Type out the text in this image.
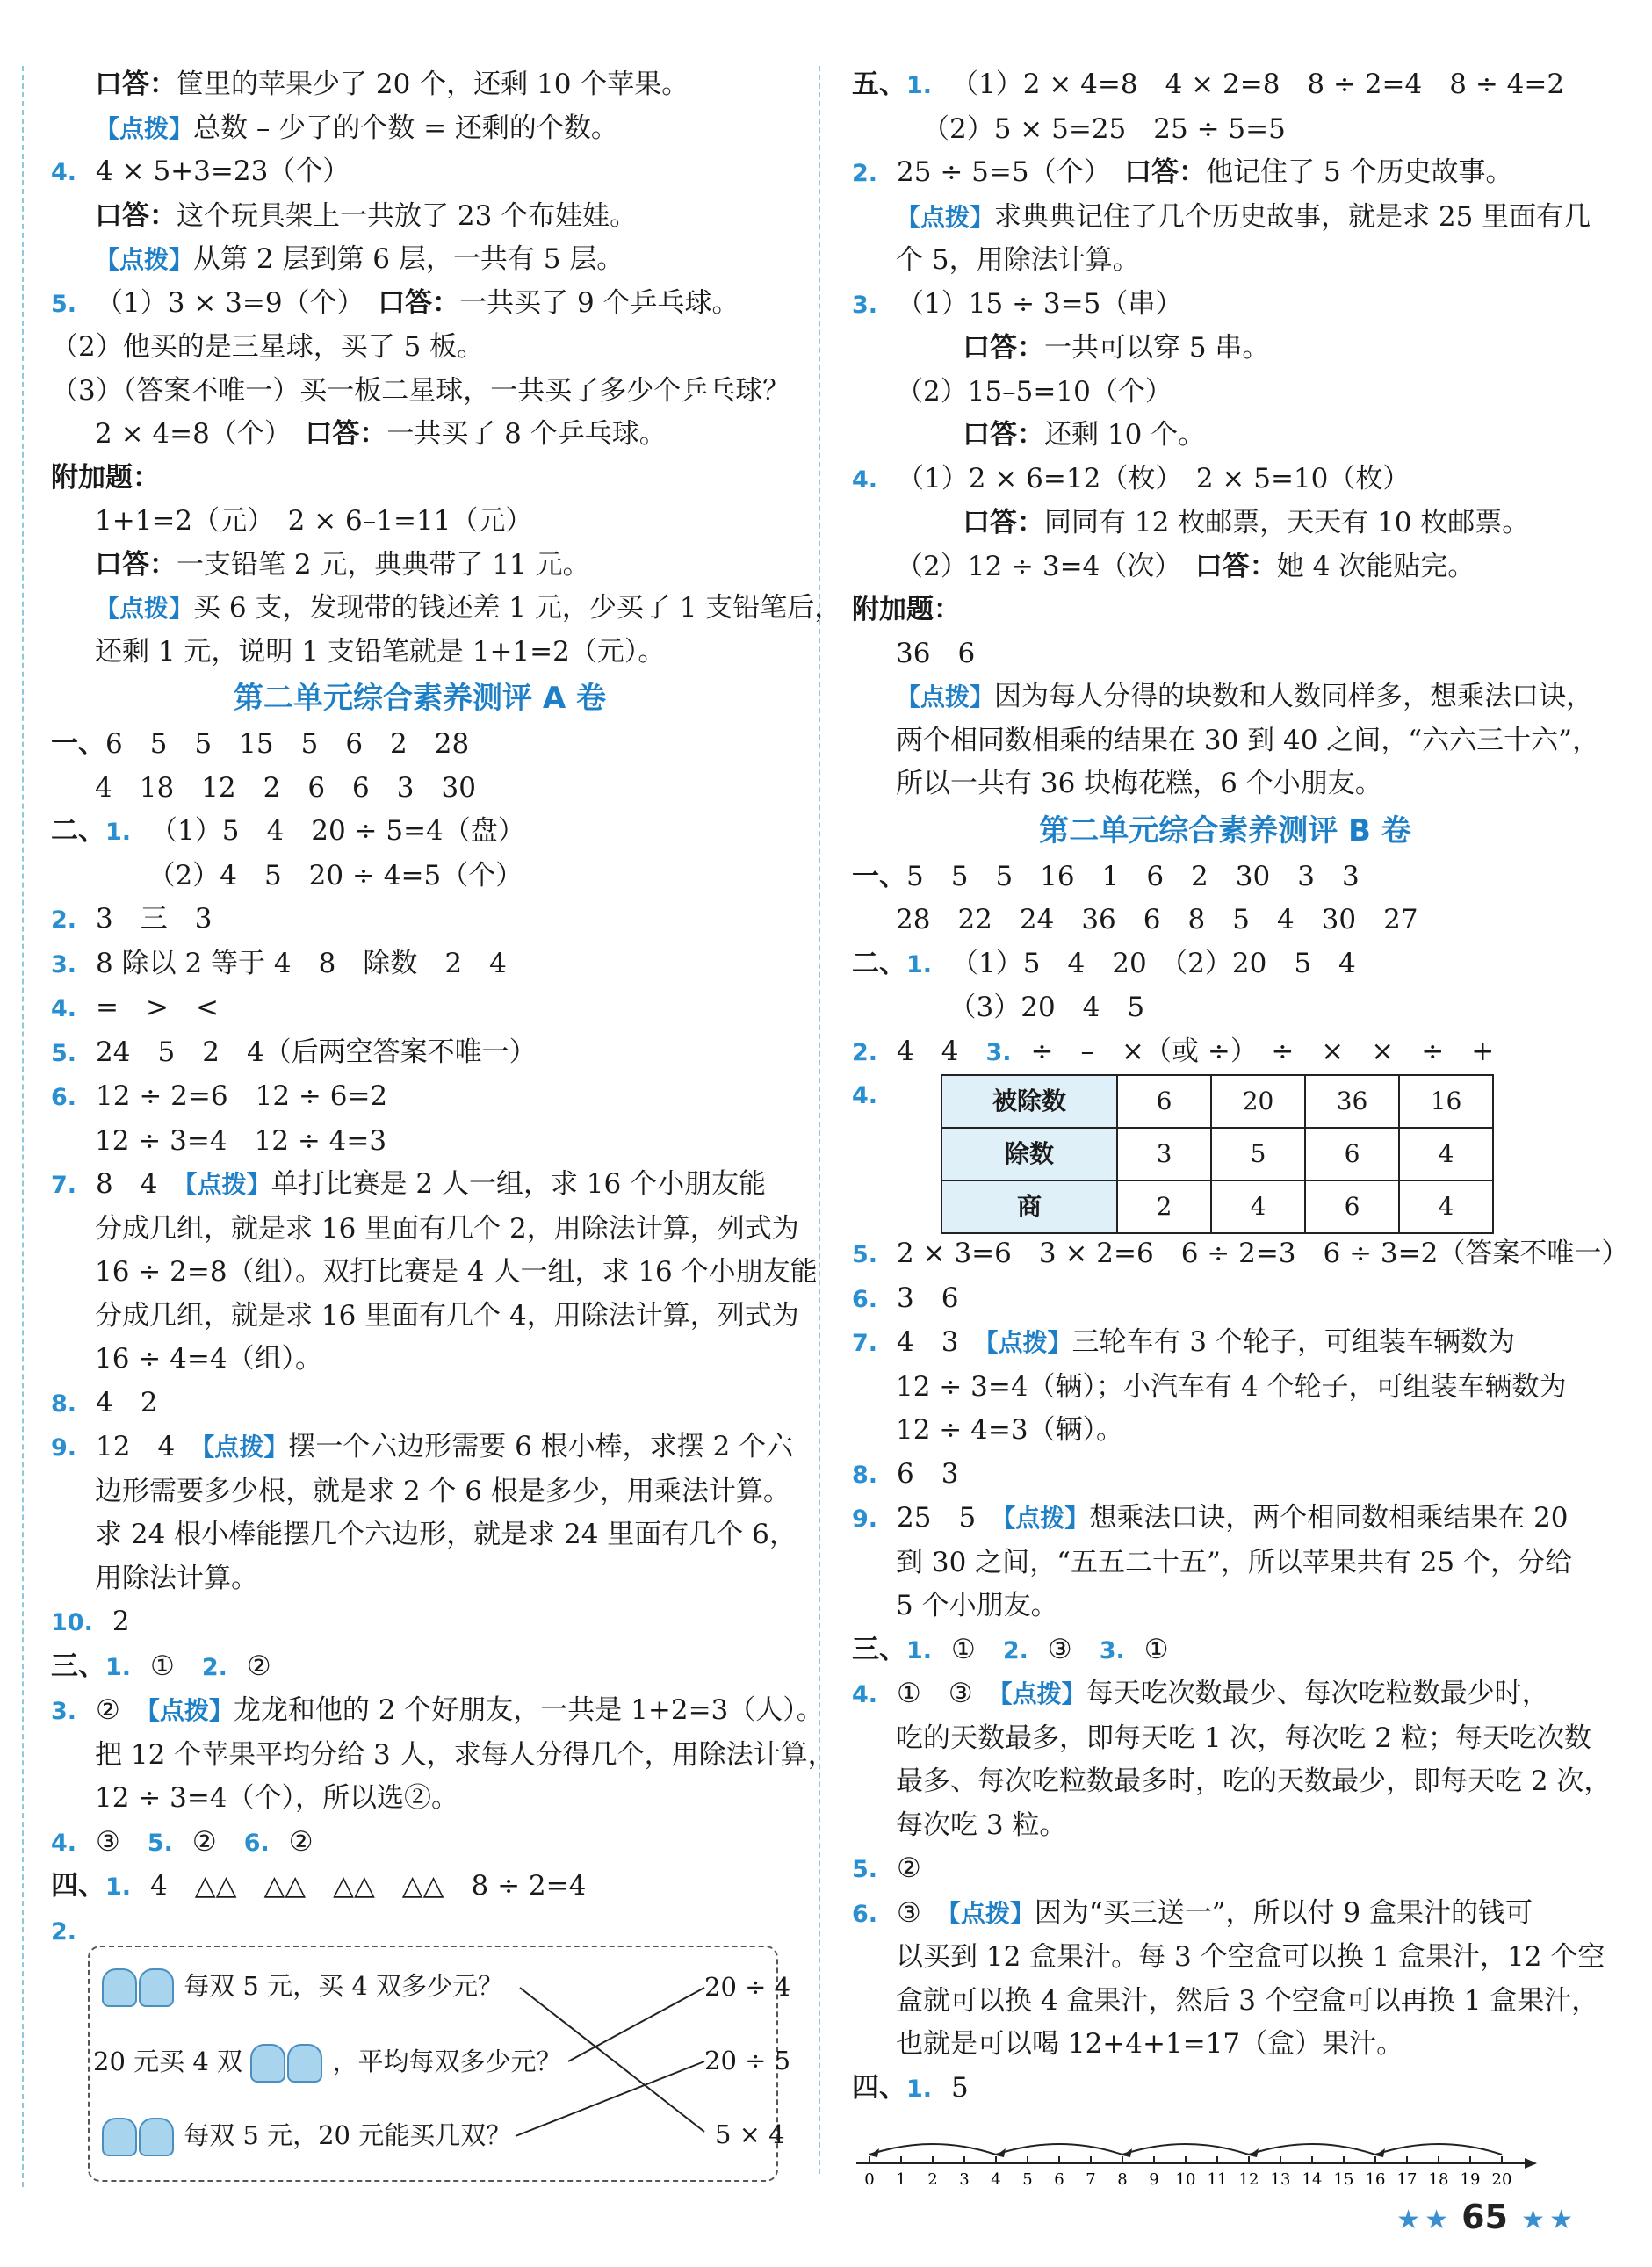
口答：筐里的苹果少了 20 个，还剩 10 个苹果。
【点拨】总数 – 少了的个数 = 还剩的个数。
4. 4 × 5+3=23（个）
口答：这个玩具架上一共放了 23 个布娃娃。
【点拨】从第 2 层到第 6 层，一共有 5 层。
5. （1）3 × 3=9（个）　口答：一共买了 9 个乒乓球。
（2）他买的是三星球，买了 5 板。
（3）（答案不唯一）买一板二星球，一共买了多少个乒乓球？
2 × 4=8（个）　口答：一共买了 8 个乒乓球。
附加题：
1+1=2（元）　2 × 6–1=11（元）
口答：一支铅笔 2 元，典典带了 11 元。
【点拨】买 6 支，发现带的钱还差 1 元，少买了 1 支铅笔后，
还剩 1 元，说明 1 支铅笔就是 1+1=2（元）。
第二单元综合素养测评 A 卷
一、6　5　5　15　5　6　2　28
4　18　12　2　6　6　3　30
二、1. （1）5　4　20 ÷ 5=4（盘）
　（2）4　5　20 ÷ 4=5（个）
2. 3　三　3
3. 8 除以 2 等于 4　8　除数　2　4
4. =　>　<
5. 24　5　2　4（后两空答案不唯一）
6. 12 ÷ 2=6　12 ÷ 6=2
12 ÷ 3=4　12 ÷ 4=3
7. 8　4　【点拨】单打比赛是 2 人一组，求 16 个小朋友能
分成几组，就是求 16 里面有几个 2，用除法计算，列式为
16 ÷ 2=8（组）。双打比赛是 4 人一组，求 16 个小朋友能
分成几组，就是求 16 里面有几个 4，用除法计算，列式为
16 ÷ 4=4（组）。
8. 4　2
9. 12　4　【点拨】摆一个六边形需要 6 根小棒，求摆 2 个六
边形需要多少根，就是求 2 个 6 根是多少，用乘法计算。
求 24 根小棒能摆几个六边形，就是求 24 里面有几个 6，
用除法计算。
10. 2
三、1. ①　2. ②
3. ②　【点拨】龙龙和他的 2 个好朋友，一共是 1+2=3（人）。
把 12 个苹果平均分给 3 人，求每人分得几个，用除法计算，
12 ÷ 3=4（个），所以选②。
4. ③　5. ②　6. ②
四、1. 4　△△　△△　△△　△△　8 ÷ 2=4
2.
五、1. （1）2 × 4=8　4 × 2=8　8 ÷ 2=4　8 ÷ 4=2
（2）5 × 5=25　25 ÷ 5=5
2. 25 ÷ 5=5（个）　口答：他记住了 5 个历史故事。
【点拨】求典典记住了几个历史故事，就是求 25 里面有几
个 5，用除法计算。
3. （1）15 ÷ 3=5（串）
　口答：一共可以穿 5 串。
（2）15–5=10（个）
　口答：还剩 10 个。
4. （1）2 × 6=12（枚）　2 × 5=10（枚）
　口答：同同有 12 枚邮票，天天有 10 枚邮票。
（2）12 ÷ 3=4（次）　口答：她 4 次能贴完。
附加题：
36　6
【点拨】因为每人分得的块数和人数同样多，想乘法口诀，
两个相同数相乘的结果在 30 到 40 之间，“六六三十六”，
所以一共有 36 块梅花糕，6 个小朋友。
第二单元综合素养测评 B 卷
一、5　5　5　16　1　6　2　30　3　3
28　22　24　36　6　8　5　4　30　27
二、1. （1）5　4　20　（2）20　5　4
　（3）20　4　5
2. 4　4　3. ÷　–　×（或 ÷）　÷　×　×　÷　+
4.	被除数	6	20	36	16
除数	3	5	6	4
商	2	4	6	4
5. 2 × 3=6　3 × 2=6　6 ÷ 2=3　6 ÷ 3=2（答案不唯一）
6. 3　6
7. 4　3　【点拨】三轮车有 3 个轮子，可组装车辆数为
12 ÷ 3=4（辆）；小汽车有 4 个轮子，可组装车辆数为
12 ÷ 4=3（辆）。
8. 6　3
9. 25　5　【点拨】想乘法口诀，两个相同数相乘结果在 20
到 30 之间，“五五二十五”，所以苹果共有 25 个，分给
5 个小朋友。
三、1. ①　2. ③　3. ①
4. ①　③　【点拨】每天吃次数最少、每次吃粒数最少时，
吃的天数最多，即每天吃 1 次，每次吃 2 粒；每天吃次数
最多、每次吃粒数最多时，吃的天数最少，即每天吃 2 次，
每次吃 3 粒。
5. ②
6. ③　【点拨】因为“买三送一”，所以付 9 盒果汁的钱可
以买到 12 盒果汁。每 3 个空盒可以换 1 盒果汁，12 个空
盒就可以换 4 盒果汁，然后 3 个空盒可以再换 1 盒果汁，
也就是可以喝 12+4+1=17（盒）果汁。
四、1. 5
每双 5 元，买 4 双多少元？
20 元买 4 双	，平均每双多少元？
每双 5 元，20 元能买几双？
20 ÷ 4
20 ÷ 5
5 × 4
0 1 2 3 4 5 6 7 8 9 10 11 12 13 14 15 16 17 18 19 20
★ ★ 65 ★ ★
